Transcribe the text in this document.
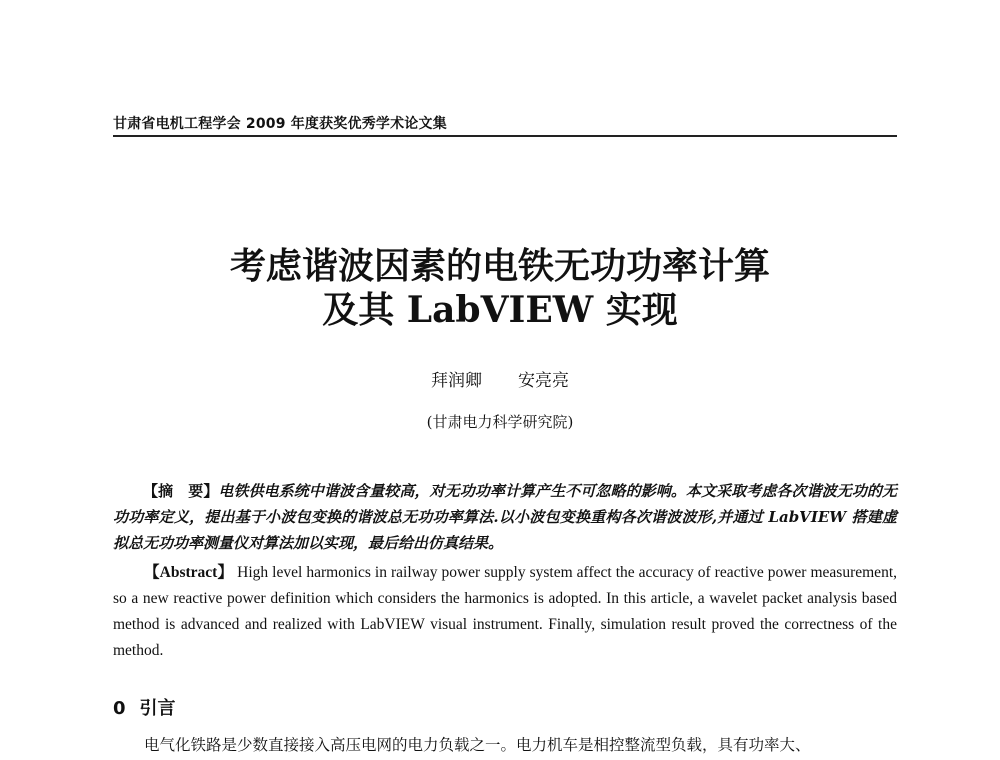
甘肃省电机工程学会 2009 年度获奖优秀学术论文集
考虑谐波因素的电铁无功功率计算
及其 LabVIEW 实现
拜润卿 安亮亮
(甘肃电力科学研究院)
【摘　要】电铁供电系统中谐波含量较高，对无功功率计算产生不可忽略的影响。本文采取考虑各次谐波无功的无功功率定义，提出基于小波包变换的谐波总无功功率算法.以小波包变换重构各次谐波波形,并通过 LabVIEW 搭建虚拟总无功功率测量仪对算法加以实现，最后给出仿真结果。
【Abstract】 High level harmonics in railway power supply system affect the accuracy of reactive power measurement, so a new reactive power definition which considers the harmonics is adopted. In this article, a wavelet packet analysis based method is advanced and realized with LabVIEW visual instrument. Finally, simulation result proved the correctness of the method.
0 引言
电气化铁路是少数直接接入高压电网的电力负载之一。电力机车是相控整流型负载，具有功率大、
